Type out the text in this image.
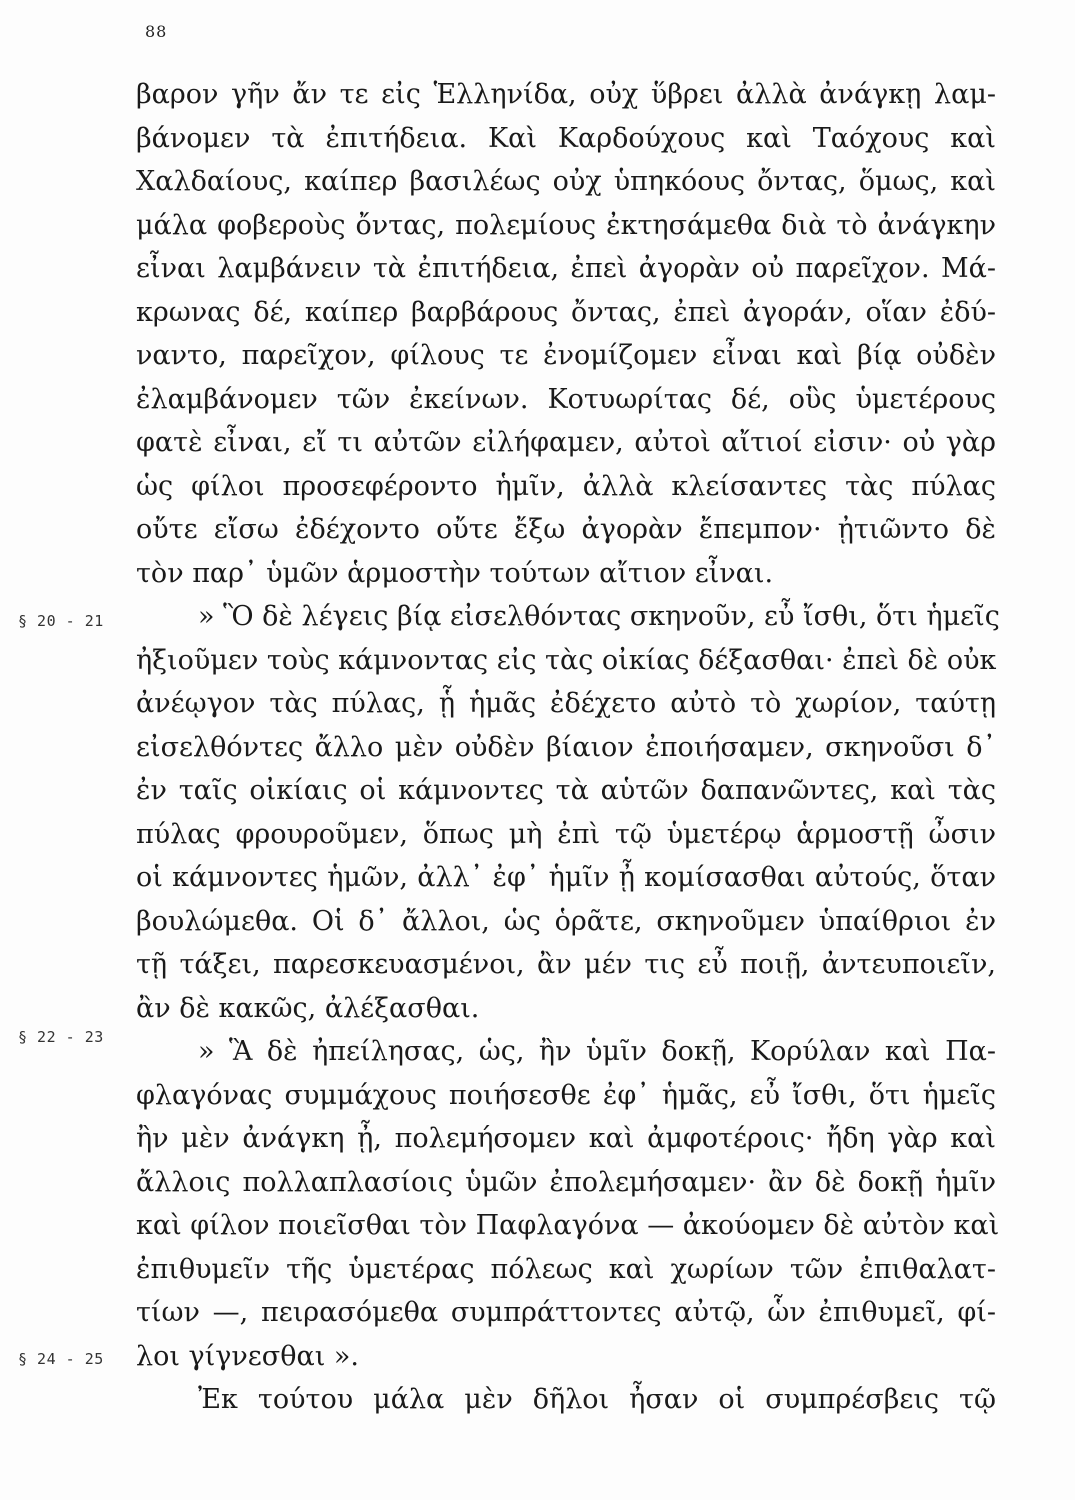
88
§ 20 - 21
§ 22 - 23
§ 24 - 25
βαρον γῆν ἄν τε εἰς Ἑλληνίδα, οὐχ ὕβρει ἀλλὰ ἀνάγκῃ λαμ-
βάνομεν τὰ ἐπιτήδεια. Καὶ Καρδούχους καὶ Ταόχους καὶ
Χαλδαίους, καίπερ βασιλέως οὐχ ὑπηκόους ὄντας, ὅμως, καὶ
μάλα φοβεροὺς ὄντας, πολεμίους ἐκτησάμεθα διὰ τὸ ἀνάγκην
εἶναι λαμβάνειν τὰ ἐπιτήδεια, ἐπεὶ ἀγορὰν οὐ παρεῖχον. Μά-
κρωνας δέ, καίπερ βαρβάρους ὄντας, ἐπεὶ ἀγοράν, οἵαν ἐδύ-
ναντο, παρεῖχον, φίλους τε ἐνομίζομεν εἶναι καὶ βίᾳ οὐδὲν
ἐλαμβάνομεν τῶν ἐκείνων. Κοτυωρίτας δέ, οὓς ὑμετέρους
φατὲ εἶναι, εἴ τι αὐτῶν εἰλήφαμεν, αὐτοὶ αἴτιοί εἰσιν· οὐ γὰρ
ὡς φίλοι προσεφέροντο ἡμῖν, ἀλλὰ κλείσαντες τὰς πύλας
οὔτε εἴσω ἐδέχοντο οὔτε ἔξω ἀγορὰν ἔπεμπον· ᾐτιῶντο δὲ
τὸν παρ᾽ ὑμῶν ἁρμοστὴν τούτων αἴτιον εἶναι.
» Ὃ δὲ λέγεις βίᾳ εἰσελθόντας σκηνοῦν, εὖ ἴσθι, ὅτι ἡμεῖς
ἠξιοῦμεν τοὺς κάμνοντας εἰς τὰς οἰκίας δέξασθαι· ἐπεὶ δὲ οὐκ
ἀνέῳγον τὰς πύλας, ᾗ ἡμᾶς ἐδέχετο αὐτὸ τὸ χωρίον, ταύτῃ
εἰσελθόντες ἄλλο μὲν οὐδὲν βίαιον ἐποιήσαμεν, σκηνοῦσι δ᾽
ἐν ταῖς οἰκίαις οἱ κάμνοντες τὰ αὑτῶν δαπανῶντες, καὶ τὰς
πύλας φρουροῦμεν, ὅπως μὴ ἐπὶ τῷ ὑμετέρῳ ἁρμοστῇ ὦσιν
οἱ κάμνοντες ἡμῶν, ἀλλ᾽ ἐφ᾽ ἡμῖν ᾖ κομίσασθαι αὐτούς, ὅταν
βουλώμεθα. Οἱ δ᾽ ἄλλοι, ὡς ὁρᾶτε, σκηνοῦμεν ὑπαίθριοι ἐν
τῇ τάξει, παρεσκευασμένοι, ἂν μέν τις εὖ ποιῇ, ἀντευποιεῖν,
ἂν δὲ κακῶς, ἀλέξασθαι.
» Ἃ δὲ ἠπείλησας, ὡς, ἢν ὑμῖν δοκῇ, Κορύλαν καὶ Πα-
φλαγόνας συμμάχους ποιήσεσθε ἐφ᾽ ἡμᾶς, εὖ ἴσθι, ὅτι ἡμεῖς
ἢν μὲν ἀνάγκη ᾖ, πολεμήσομεν καὶ ἀμφοτέροις· ἤδη γὰρ καὶ
ἄλλοις πολλαπλασίοις ὑμῶν ἐπολεμήσαμεν· ἂν δὲ δοκῇ ἡμῖν
καὶ φίλον ποιεῖσθαι τὸν Παφλαγόνα — ἀκούομεν δὲ αὐτὸν καὶ
ἐπιθυμεῖν τῆς ὑμετέρας πόλεως καὶ χωρίων τῶν ἐπιθαλατ-
τίων —, πειρασόμεθα συμπράττοντες αὐτῷ, ὧν ἐπιθυμεῖ, φί-
λοι γίγνεσθαι ».
Ἐκ τούτου μάλα μὲν δῆλοι ἦσαν οἱ συμπρέσβεις τῷ
